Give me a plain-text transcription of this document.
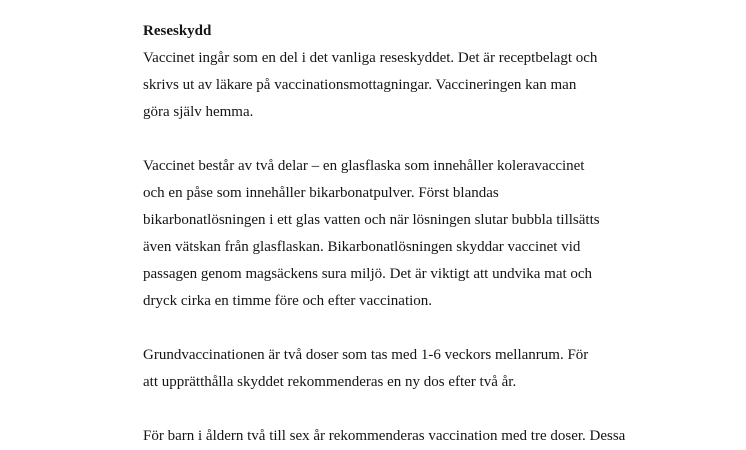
Reseskydd
Vaccinet ingår som en del i det vanliga reseskyddet. Det är receptbelagt och
skrivs ut av läkare på vaccinationsmottagningar. Vaccineringen kan man
göra själv hemma.
Vaccinet består av två delar – en glasflaska som innehåller koleravaccinet
och en påse som innehåller bikarbonatpulver. Först blandas
bikarbonatlösningen i ett glas vatten och när lösningen slutar bubbla tillsätts
även vätskan från glasflaskan. Bikarbonatlösningen skyddar vaccinet vid
passagen genom magsäckens sura miljö. Det är viktigt att undvika mat och
dryck cirka en timme före och efter vaccination.
Grundvaccinationen är två doser som tas med 1-6 veckors mellanrum. För
att upprätthålla skyddet rekommenderas en ny dos efter två år.
För barn i åldern två till sex år rekommenderas vaccination med tre doser. Dessa
